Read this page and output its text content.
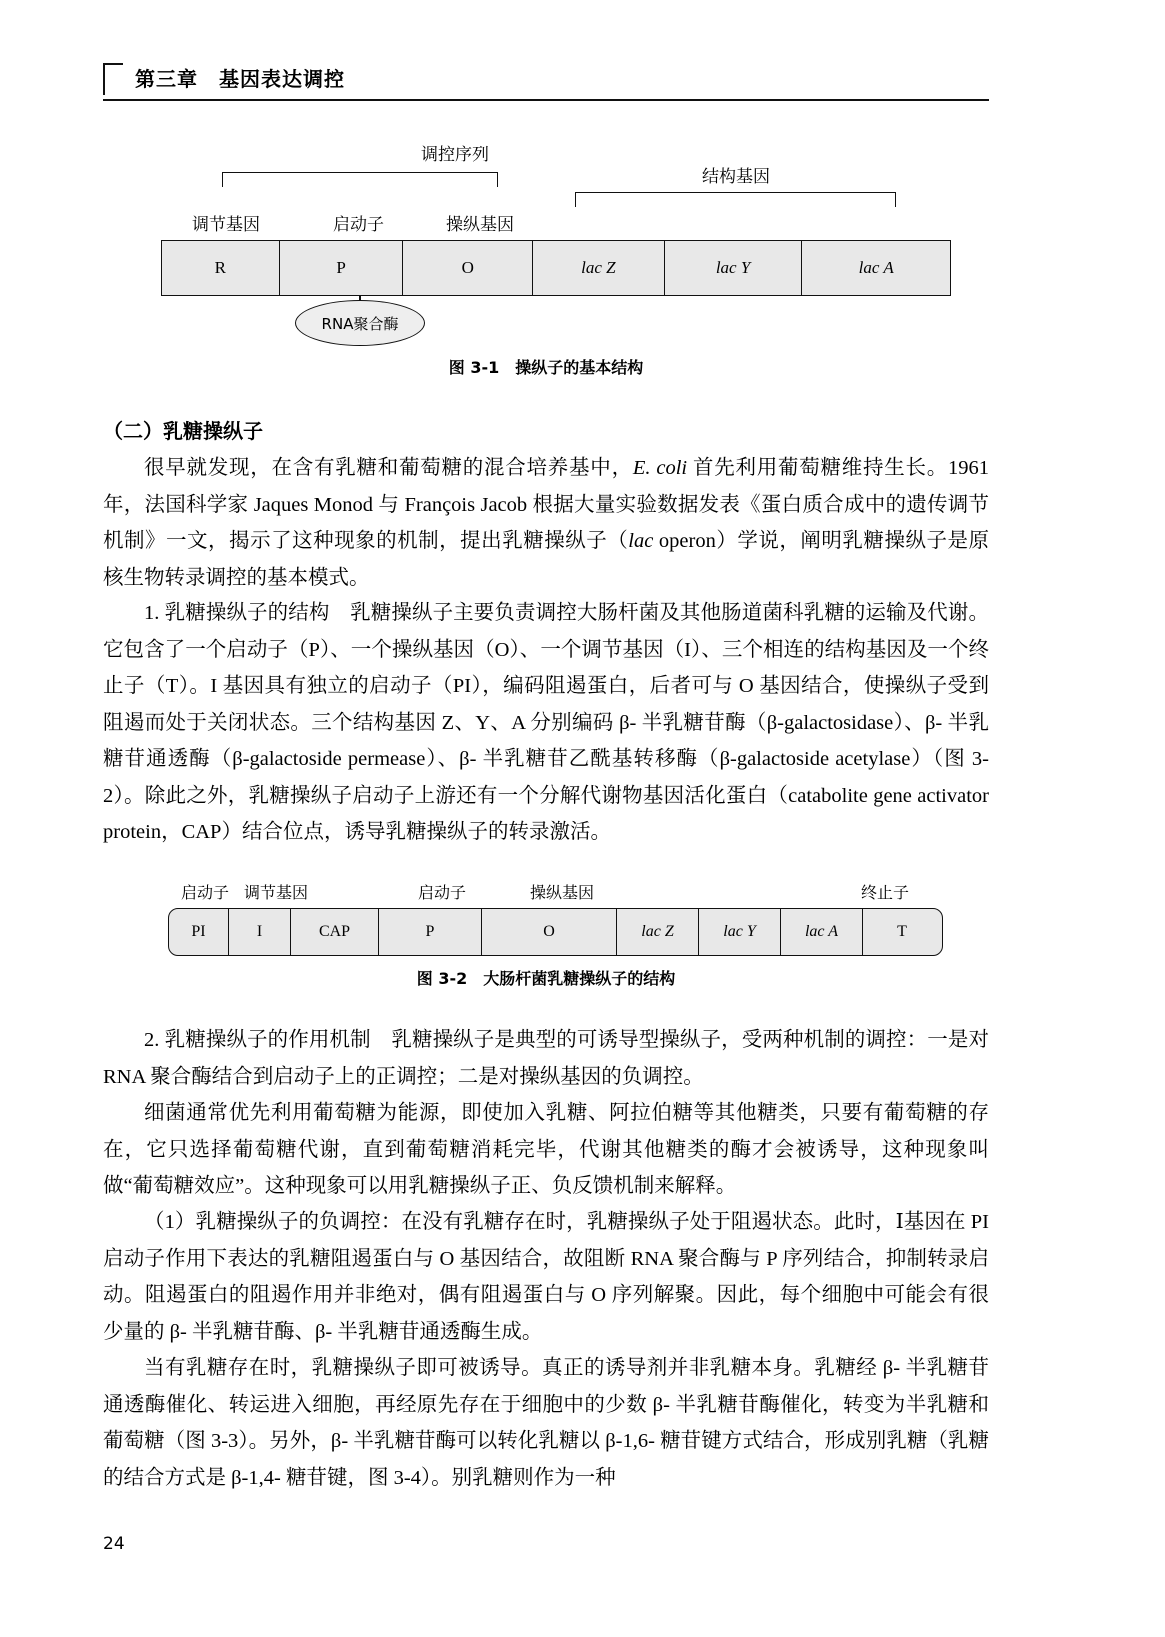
第三章　基因表达调控
调控序列
结构基因
调节基因	启动子	操纵基因
R	P	O	lac Z	lac Y	lac A
RNA聚合酶
图 3-1　操纵子的基本结构
（二）乳糖操纵子
很早就发现，在含有乳糖和葡萄糖的混合培养基中，E. coli 首先利用葡萄糖维持生长。1961 年，法国科学家 Jaques Monod 与 François Jacob 根据大量实验数据发表《蛋白质合成中的遗传调节机制》一文，揭示了这种现象的机制，提出乳糖操纵子（lac operon）学说，阐明乳糖操纵子是原核生物转录调控的基本模式。
1. 乳糖操纵子的结构　乳糖操纵子主要负责调控大肠杆菌及其他肠道菌科乳糖的运输及代谢。它包含了一个启动子（P）、一个操纵基因（O）、一个调节基因（I）、三个相连的结构基因及一个终止子（T）。I 基因具有独立的启动子（PI），编码阻遏蛋白，后者可与 O 基因结合，使操纵子受到阻遏而处于关闭状态。三个结构基因 Z、Y、A 分别编码 β- 半乳糖苷酶（β-galactosidase）、β- 半乳糖苷通透酶（β-galactoside permease）、β- 半乳糖苷乙酰基转移酶（β-galactoside acetylase）（图 3-2）。除此之外，乳糖操纵子启动子上游还有一个分解代谢物基因活化蛋白（catabolite gene activator protein，CAP）结合位点，诱导乳糖操纵子的转录激活。
启动子 调节基因	启动子	操纵基因	终止子
PI	I	CAP	P	O	lac Z	lac Y	lac A	T
图 3-2　大肠杆菌乳糖操纵子的结构
2. 乳糖操纵子的作用机制　乳糖操纵子是典型的可诱导型操纵子，受两种机制的调控：一是对 RNA 聚合酶结合到启动子上的正调控；二是对操纵基因的负调控。
细菌通常优先利用葡萄糖为能源，即使加入乳糖、阿拉伯糖等其他糖类，只要有葡萄糖的存在，它只选择葡萄糖代谢，直到葡萄糖消耗完毕，代谢其他糖类的酶才会被诱导，这种现象叫做“葡萄糖效应”。这种现象可以用乳糖操纵子正、负反馈机制来解释。
（1）乳糖操纵子的负调控：在没有乳糖存在时，乳糖操纵子处于阻遏状态。此时，Ⅰ基因在 PI 启动子作用下表达的乳糖阻遏蛋白与 O 基因结合，故阻断 RNA 聚合酶与 P 序列结合，抑制转录启动。阻遏蛋白的阻遏作用并非绝对，偶有阻遏蛋白与 O 序列解聚。因此，每个细胞中可能会有很少量的 β- 半乳糖苷酶、β- 半乳糖苷通透酶生成。
当有乳糖存在时，乳糖操纵子即可被诱导。真正的诱导剂并非乳糖本身。乳糖经 β- 半乳糖苷通透酶催化、转运进入细胞，再经原先存在于细胞中的少数 β- 半乳糖苷酶催化，转变为半乳糖和葡萄糖（图 3-3）。另外，β- 半乳糖苷酶可以转化乳糖以 β-1,6- 糖苷键方式结合，形成别乳糖（乳糖的结合方式是 β-1,4- 糖苷键，图 3-4）。别乳糖则作为一种
24
